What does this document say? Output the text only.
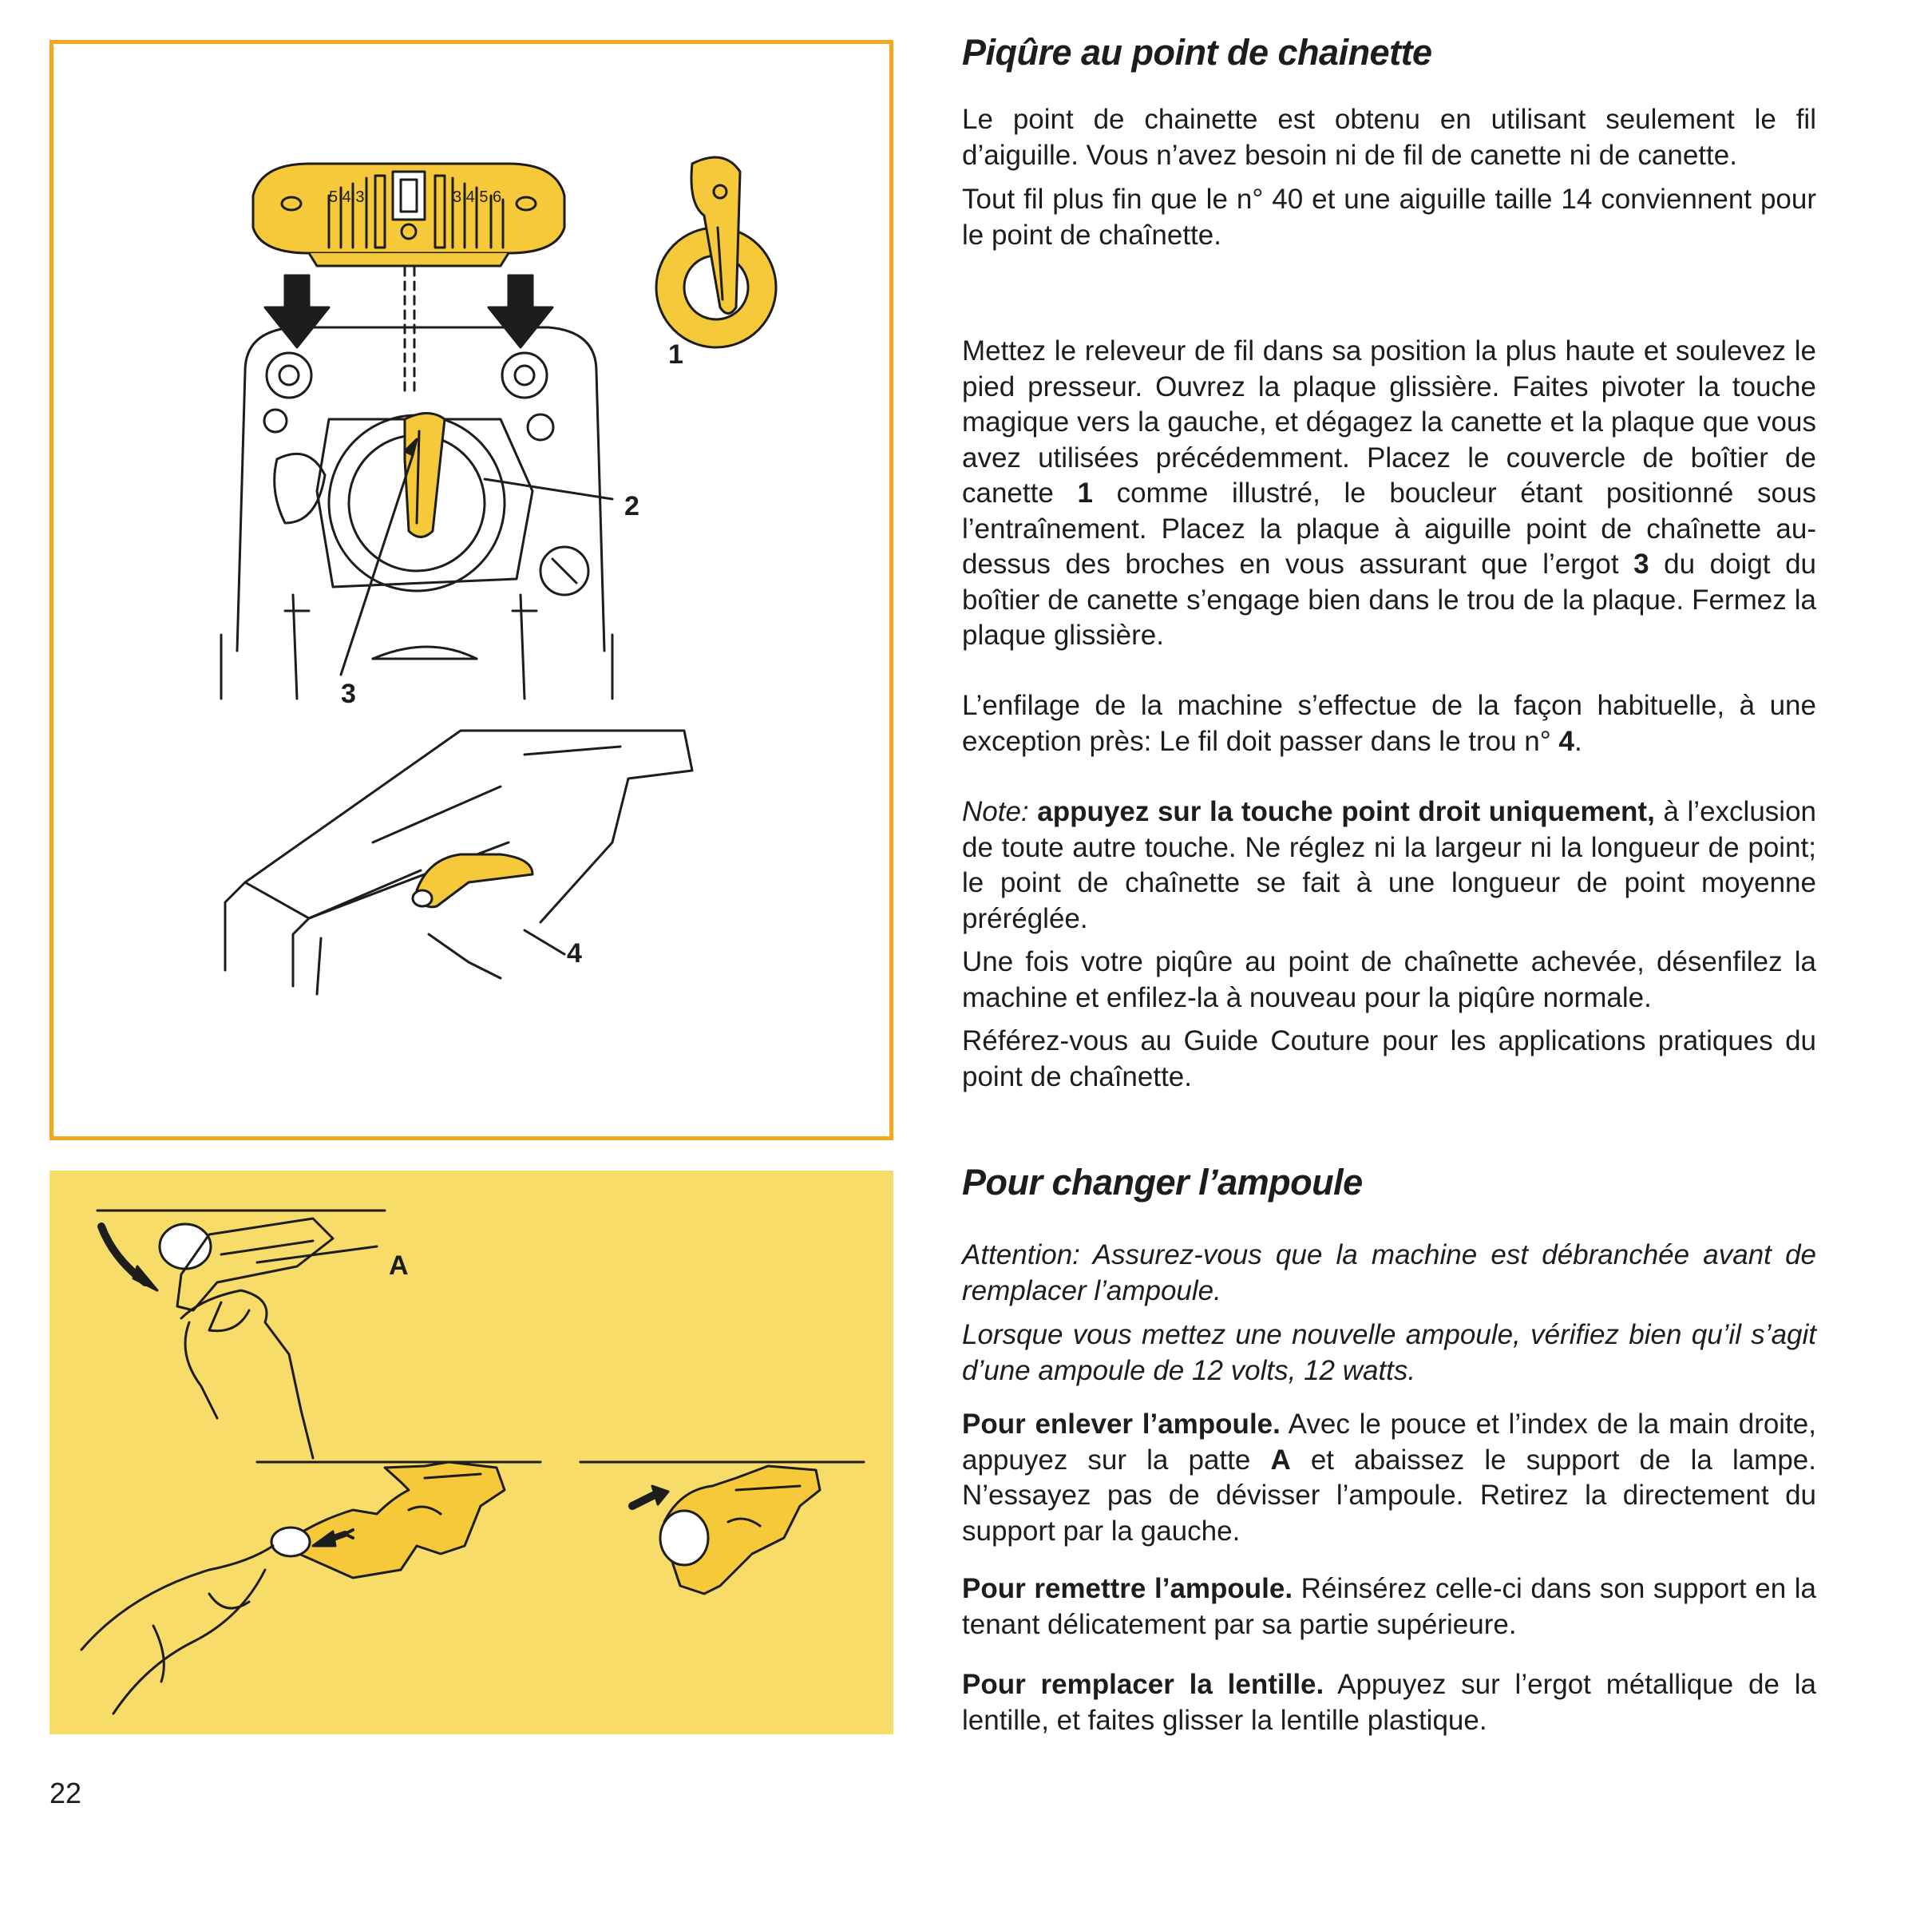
5 4 3	3 4 5 6
1
2
3
4
A
Piqûre au point de chainette

Le point de chainette est obtenu en utilisant seulement le fil d’aiguille. Vous n’avez besoin ni de fil de canette ni de canette.

Tout fil plus fin que le n° 40 et une aiguille taille 14 conviennent pour le point de chaînette.

Mettez le releveur de fil dans sa position la plus haute et soulevez le pied presseur. Ouvrez la plaque glissière. Faites pivoter la touche magique vers la gauche, et dégagez la canette et la plaque que vous avez utilisées précédemment. Placez le couvercle de boîtier de canette 1 comme illustré, le boucleur étant positionné sous l’entraînement. Placez la plaque à aiguille point de chaînette au-dessus des broches en vous assurant que l’ergot 3 du doigt du boîtier de canette s’engage bien dans le trou de la plaque. Fermez la plaque glissière.

L’enfilage de la machine s’effectue de la façon habituelle, à une exception près: Le fil doit passer dans le trou n° 4.

Note: appuyez sur la touche point droit uniquement, à l’exclusion de toute autre touche. Ne réglez ni la largeur ni la longueur de point; le point de chaînette se fait à une longueur de point moyenne préréglée.

Une fois votre piqûre au point de chaînette achevée, désenfilez la machine et enfilez-la à nouveau pour la piqûre normale.

Référez-vous au Guide Couture pour les applications pratiques du point de chaînette.

Pour changer l’ampoule

Attention: Assurez-vous que la machine est débranchée avant de remplacer l’ampoule.

Lorsque vous mettez une nouvelle ampoule, vérifiez bien qu’il s’agit d’une ampoule de 12 volts, 12 watts.

Pour enlever l’ampoule. Avec le pouce et l’index de la main droite, appuyez sur la patte A et abaissez le support de la lampe. N’essayez pas de dévisser l’ampoule. Retirez la directement du support par la gauche.

Pour remettre l’ampoule. Réinsérez celle-ci dans son support en la tenant délicatement par sa partie supérieure.

Pour remplacer la lentille. Appuyez sur l’ergot métallique de la lentille, et faites glisser la lentille plastique.

22
